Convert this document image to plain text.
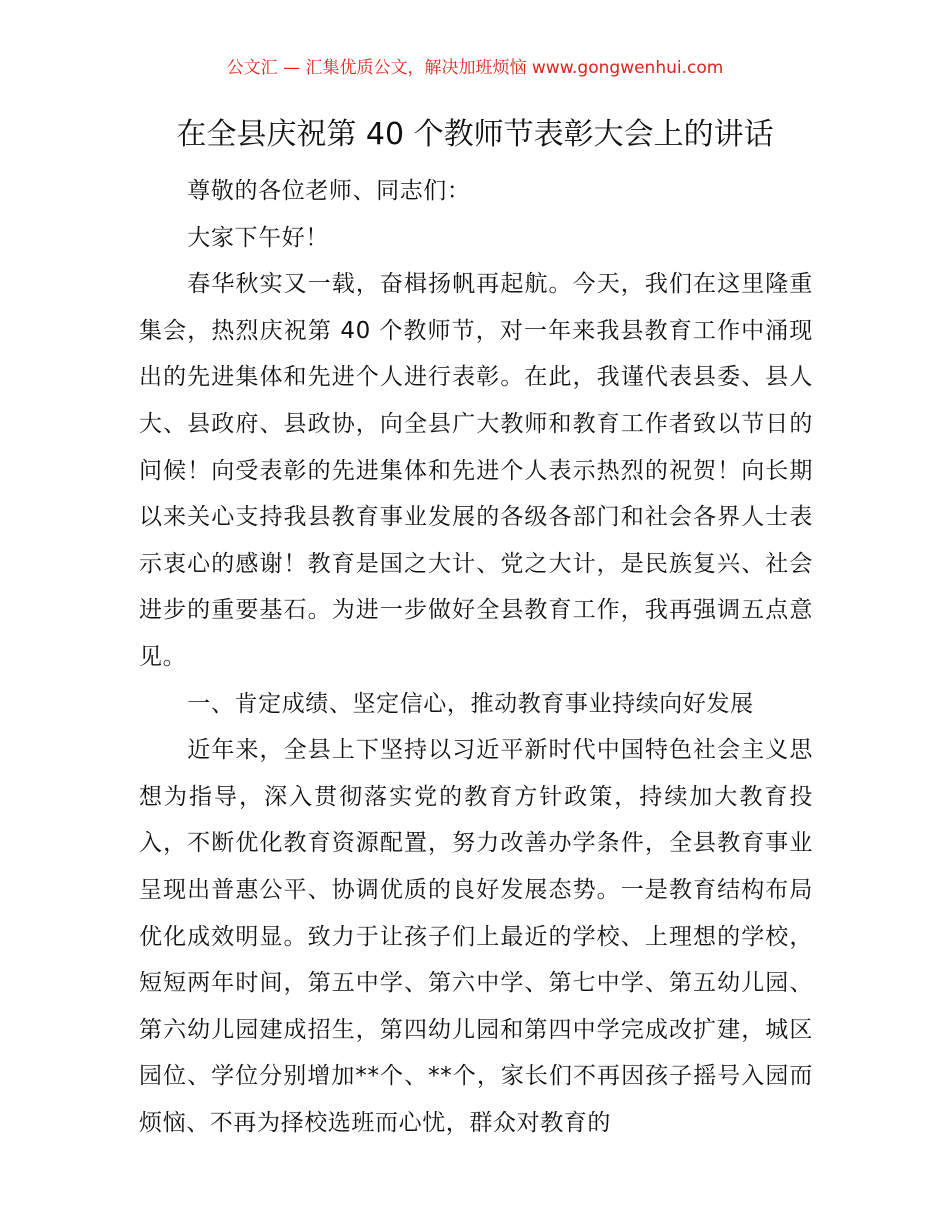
公文汇 — 汇集优质公文，解决加班烦恼 www.gongwenhui.com
在全县庆祝第 40 个教师节表彰大会上的讲话

尊敬的各位老师、同志们：

大家下午好！

春华秋实又一载，奋楫扬帆再起航。今天，我们在这里隆重集会，热烈庆祝第 40 个教师节，对一年来我县教育工作中涌现出的先进集体和先进个人进行表彰。在此，我谨代表县委、县人大、县政府、县政协，向全县广大教师和教育工作者致以节日的问候！向受表彰的先进集体和先进个人表示热烈的祝贺！向长期以来关心支持我县教育事业发展的各级各部门和社会各界人士表示衷心的感谢！教育是国之大计、党之大计，是民族复兴、社会进步的重要基石。为进一步做好全县教育工作，我再强调五点意见。

一、肯定成绩、坚定信心，推动教育事业持续向好发展

近年来，全县上下坚持以习近平新时代中国特色社会主义思想为指导，深入贯彻落实党的教育方针政策，持续加大教育投入，不断优化教育资源配置，努力改善办学条件，全县教育事业呈现出普惠公平、协调优质的良好发展态势。一是教育结构布局优化成效明显。致力于让孩子们上最近的学校、上理想的学校，短短两年时间，第五中学、第六中学、第七中学、第五幼儿园、第六幼儿园建成招生，第四幼儿园和第四中学完成改扩建，城区园位、学位分别增加**个、**个，家长们不再因孩子摇号入园而烦恼、不再为择校选班而心忧，群众对教育的
